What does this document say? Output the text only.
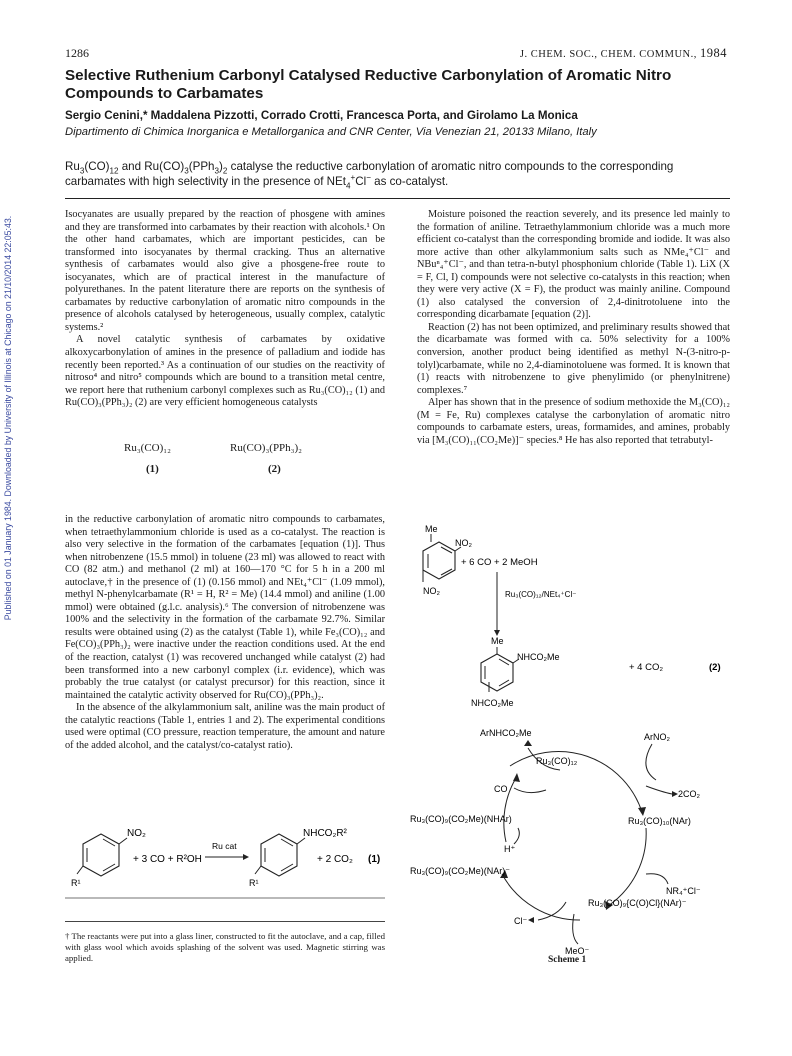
Published on 01 January 1984. Downloaded by University of Illinois at Chicago on 21/10/2014 22:05:43.
1286	J. CHEM. SOC., CHEM. COMMUN., 1984
Selective Ruthenium Carbonyl Catalysed Reductive Carbonylation of Aromatic Nitro Compounds to Carbamates
Sergio Cenini,* Maddalena Pizzotti, Corrado Crotti, Francesca Porta, and Girolamo La Monica
Dipartimento di Chimica Inorganica e Metallorganica and CNR Center, Via Venezian 21, 20133 Milano, Italy
$Ru_3(CO)_{12}$ and $Ru(CO)_3(PPh_3)_2$ catalyse the reductive carbonylation of aromatic nitro compounds to the corresponding carbamates with high selectivity in the presence of NEt$_4$+Cl− as co-catalyst.

Isocyanates are usually prepared by the reaction of phosgene with amines and they are transformed into carbamates by their reaction with alcohols.¹ On the other hand carbamates, which are important pesticides, can be transformed into isocyanates by thermal cracking. Thus an alternative synthesis of carbamates would also give a phosgene-free route to isocyanates, which are of practical interest in the manufacture of polyurethanes. In the patent literature there are reports on the synthesis of carbamates by reductive carbonylation of aromatic nitro compounds in the presence of alcohols catalysed by heterogeneous, usually complex, catalytic systems.²

A novel catalytic synthesis of carbamates by oxidative alkoxycarbonylation of amines in the presence of palladium and iodide has recently been reported.³ As a continuation of our studies on the reactivity of nitroso⁴ and nitro⁵ compounds which are bound to a transition metal centre, we report here that ruthenium carbonyl complexes such as Ru₃(CO)₁₂ (1) and Ru(CO)₃(PPh₃)₂ (2) are very efficient homogeneous catalysts

Ru₃(CO)₁₂
(1)
Ru(CO)₃(PPh₃)₂
(2)

in the reductive carbonylation of aromatic nitro compounds to carbamates, when tetraethylammonium chloride is used as a co-catalyst. The reaction is also very selective in the formation of the carbamates [equation (1)]. Thus when nitrobenzene (15.5 mmol) in toluene (23 ml) was allowed to react with CO (82 atm.) and methanol (2 ml) at 160—170 °C for 5 h in a 200 ml autoclave,† in the presence of (1) (0.156 mmol) and NEt₄⁺Cl⁻ (1.09 mmol), methyl N-phenylcarbamate (R¹ = H, R² = Me) (14.4 mmol) and aniline (1.00 mmol) were obtained (g.l.c. analysis).⁶ The conversion of nitrobenzene was 100% and the selectivity in the formation of the carbamate 92.7%. Similar results were obtained using (2) as the catalyst (Table 1), while Fe₃(CO)₁₂ and Fe(CO)₃(PPh₃)₂ were inactive under the reaction conditions used. At the end of the reaction, catalyst (1) was recovered unchanged while catalyst (2) had been transformed into a new carbonyl complex (i.r. evidence), which was probably the true catalyst (or catalyst precursor) for this reaction, since it maintained the catalytic activity observed for Ru(CO)₃(PPh₃)₂.

In the absence of the alkylammonium salt, aniline was the main product of the catalytic reactions (Table 1, entries 1 and 2). The experimental conditions used were optimal (CO pressure, reaction temperature, the amount and nature of the added alcohol, and the catalyst/co-catalyst ratio).

NO₂
R¹
+ 3 CO + R²OH
Ru cat
NHCO₂R²
R¹
+ 2 CO₂ (1)
† The reactants were put into a glass liner, constructed to fit the autoclave, and a cap, filled with glass wool which avoids splashing of the solvent was used. Magnetic stirring was applied.

Moisture poisoned the reaction severely, and its presence led mainly to the formation of aniline. Tetraethylammonium chloride was a much more efficient co-catalyst than the corresponding bromide and iodide. It was also more active than other alkylammonium salts such as NMe₄⁺Cl⁻ and NBuⁿ₄⁺Cl⁻, and than tetra-n-butyl phosphonium chloride (Table 1). LiX (X = F, Cl, I) compounds were not selective co-catalysts in this reaction; when they were very active (X = F), the product was mainly aniline. Compound (1) also catalysed the conversion of 2,4-dinitrotoluene into the corresponding dicarbamate [equation (2)].

Reaction (2) has not been optimized, and preliminary results showed that the dicarbamate was formed with ca. 50% selectivity for a 100% conversion, another product being identified as methyl N-(3-nitro-p-tolyl)carbamate, while no 2,4-diaminotoluene was formed. It is known that (1) reacts with nitrobenzene to give phenylimido (or phenylnitrene) complexes.⁷

Alper has shown that in the presence of sodium methoxide the M₃(CO)₁₂ (M = Fe, Ru) complexes catalyse the carbonylation of aromatic nitro compounds to carbamate esters, ureas, formamides, and amines, probably via [M₃(CO)₁₁(CO₂Me)]⁻ species.⁸ He has also reported that tetrabutyl-

Me
NO₂
+ 6 CO + 2 MeOH
NO₂	Ru₃(CO)₁₂/NEt₄⁺Cl⁻
Me
NHCO₂Me
+ 4 CO₂	(2)
NHCO₂Me
Ru₃(CO)₁₂
ArNHCO₂Me
CO
ArNO₂
2CO₂
Ru₃(CO)₁₀(NAr)
NR₄⁺Cl⁻
Ru₃(CO)₉{C(O)Cl}(NAr)⁻
MeO⁻
Cl⁻
Ru₃(CO)₉(CO₂Me)(NAr)⁻
H⁺
Ru₃(CO)₉(CO₂Me)(NHAr)
Scheme 1
